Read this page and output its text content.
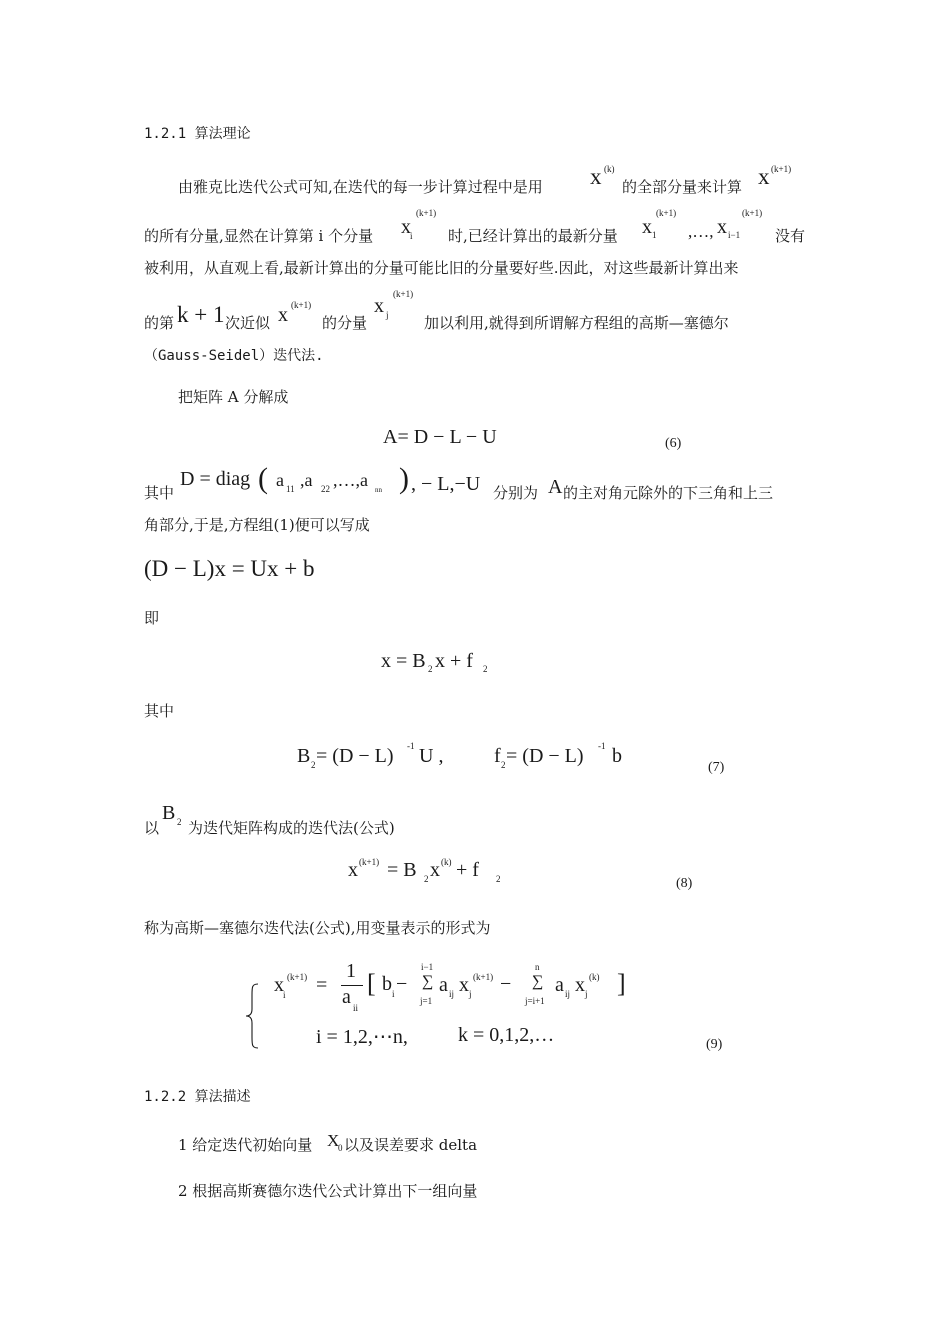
1.2.1 算法理论
由雅克比迭代公式可知,在迭代的每一步计算过程中是用 x (k)
的全部分量来计算 x (k+1)
的所有分量,显然在计算第 i 个分量 x i
(k+1)
时,已经计算出的最新分量 x 1
(k+1)
,…, x i−1
(k+1)
没有
被利用，从直观上看,最新计算出的分量可能比旧的分量要好些.因此，对这些最新计算出来
的第 k + 1 次近似 x (k+1)
的分量
x j
(k+1)
加以利用,就得到所谓解方程组的高斯—塞德尔
（Gauss-Seidel）迭代法.
把矩阵 A 分解成
A= D − L − U	(6)
其中
D = diag ( a 11 ,a 22 ,…,a nn ) , − L,−U 分别为 A 的主对角元除外的下三角和上三
角部分,于是,方程组(1)便可以写成
(D − L)x = Ux + b
即
x = B 2 x + f 2
其中
B 2 = (D − L) -1 U ,	f 2 = (D − L) -1 b
(7)
以
B 2 为迭代矩阵构成的迭代法(公式)
x (k+1) = B 2 x (k) + f 2	(8)
称为高斯—塞德尔迭代法(公式),用变量表示的形式为
x i
(k+1) =
1
a ii
[ b i −
i−1
∑
j=1
a ij x j
(k+1) −
n
∑
j=i+1
a ij x j
(k) ]
i = 1,2,⋯n,	k = 0,1,2,…	(9)
1.2.2 算法描述
1 给定迭代初始向量 X
0 以及误差要求 delta
2 根据高斯赛德尔迭代公式计算出下一组向量
